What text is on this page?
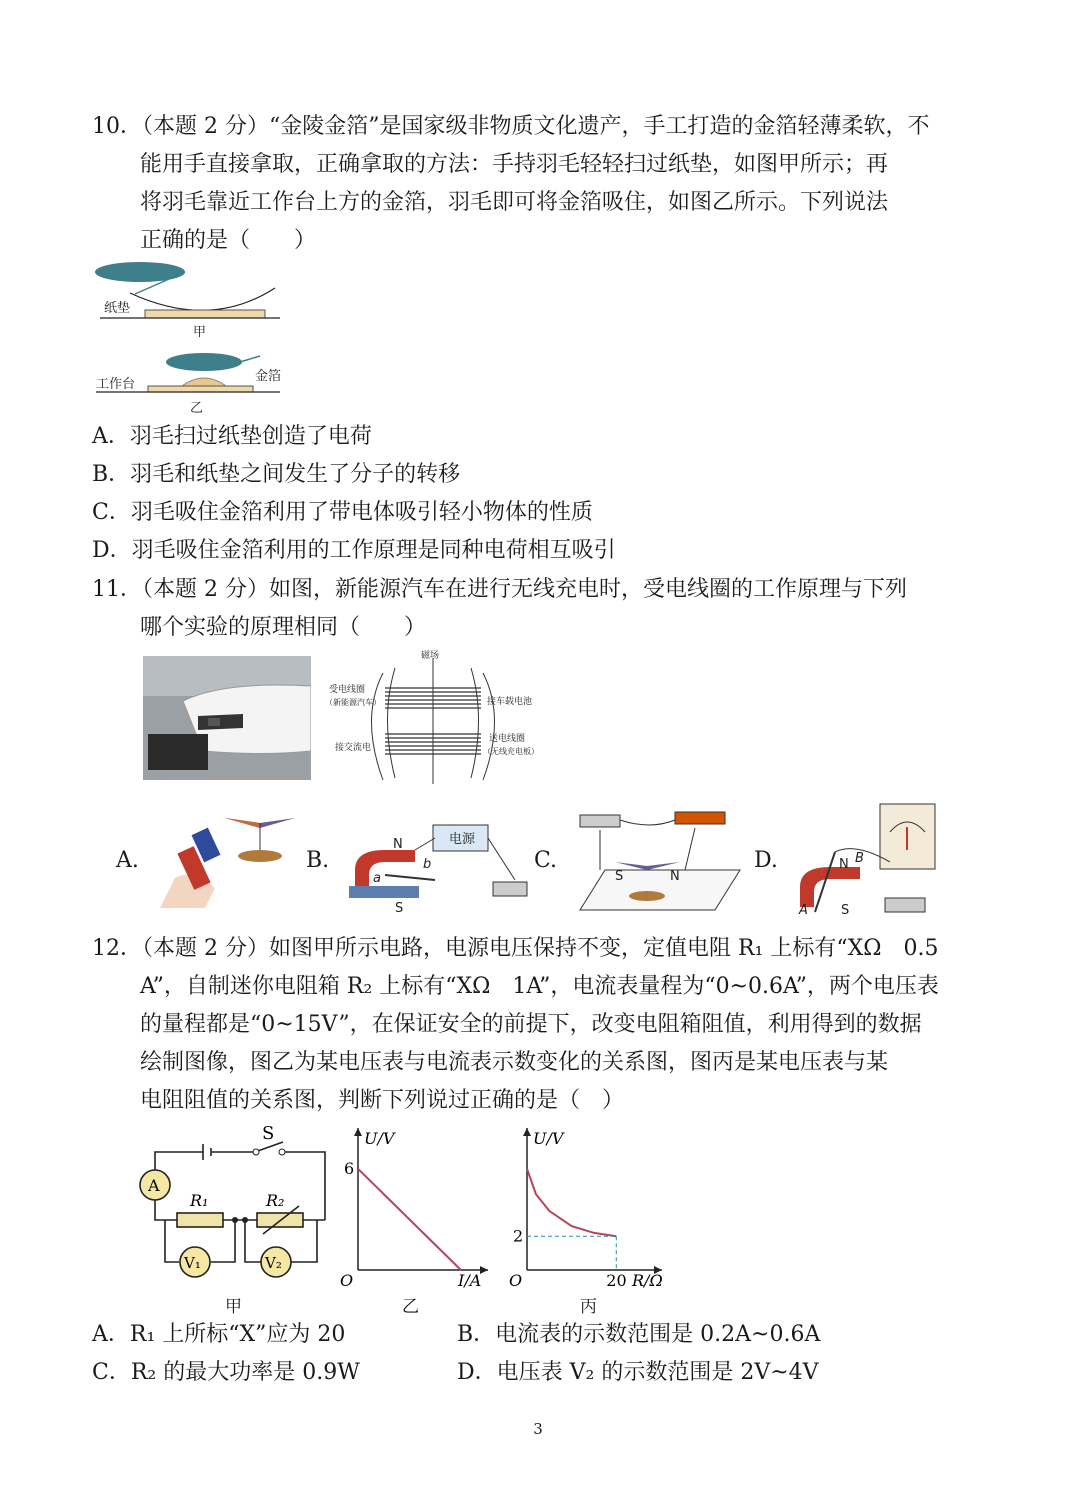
10．（本题 2 分）“金陵金箔”是国家级非物质文化遗产，手工打造的金箔轻薄柔软，不
能用手直接拿取，正确拿取的方法：手持羽毛轻轻扫过纸垫，如图甲所示；再
将羽毛靠近工作台上方的金箔，羽毛即可将金箔吸住，如图乙所示。下列说法
正确的是（　　）
纸垫
甲
工作台
金箔
乙
A．羽毛扫过纸垫创造了电荷
B．羽毛和纸垫之间发生了分子的转移
C．羽毛吸住金箔利用了带电体吸引轻小物体的性质
D．羽毛吸住金箔利用的工作原理是同种电荷相互吸引
11．（本题 2 分）如图，新能源汽车在进行无线充电时，受电线圈的工作原理与下列
哪个实验的原理相同（　　）
磁场
受电线圈
（新能源汽车）	接车载电池
送电线圈
（无线充电板）
接交流电
A.	B.
电源
N
S
a
b	C.
S	N
D.	N
S
A
B
12．（本题 2 分）如图甲所示电路，电源电压保持不变，定值电阻 R₁ 上标有“XΩ　0.5
A”，自制迷你电阻箱 R₂ 上标有“XΩ　1A”，电流表量程为“0~0.6A”，两个电压表
的量程都是“0~15V”，在保证安全的前提下，改变电阻箱阻值，利用得到的数据
绘制图像，图乙为某电压表与电流表示数变化的关系图，图丙是某电压表与某
电阻阻值的关系图，判断下列说过正确的是（　）
S
A
R₁	R₂
V₁	V₂
甲
U/V
I/A
O
6
乙
U/V
R/Ω
O
2
20
丙
A．R₁ 上所标“X”应为 20	B．电流表的示数范围是 0.2A~0.6A
C．R₂ 的最大功率是 0.9W	D．电压表 V₂ 的示数范围是 2V~4V
3
